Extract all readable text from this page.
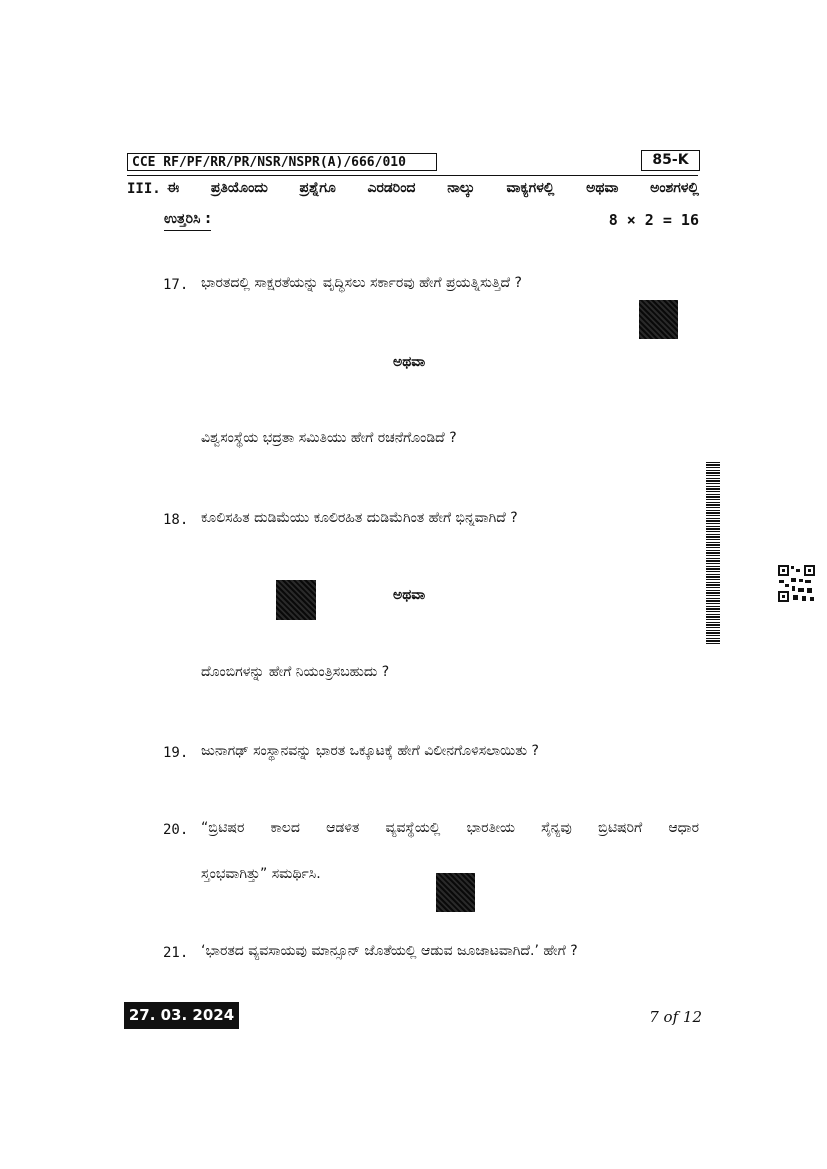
CCE RF/PF/RR/PR/NSR/NSPR(A)/666/010	85-K
III. ಈ ಪ್ರತಿಯೊಂದು ಪ್ರಶ್ನೆಗೂ ಎರಡರಿಂದ ನಾಲ್ಕು ವಾಕ್ಯಗಳಲ್ಲಿ ಅಥವಾ ಅಂಶಗಳಲ್ಲಿ
ಉತ್ತರಿಸಿ :	8 × 2 = 16
17. ಭಾರತದಲ್ಲಿ ಸಾಕ್ಷರತೆಯನ್ನು ವೃದ್ಧಿಸಲು ಸರ್ಕಾರವು ಹೇಗೆ ಪ್ರಯತ್ನಿಸುತ್ತಿದೆ ?
ಅಥವಾ
ವಿಶ್ವಸಂಸ್ಥೆಯ ಭದ್ರತಾ ಸಮಿತಿಯು ಹೇಗೆ ರಚನೆಗೊಂಡಿದೆ ?
18. ಕೂಲಿಸಹಿತ ದುಡಿಮೆಯು ಕೂಲಿರಹಿತ ದುಡಿಮೆಗಿಂತ ಹೇಗೆ ಭಿನ್ನವಾಗಿದೆ ?
ಅಥವಾ
ದೊಂಬಿಗಳನ್ನು ಹೇಗೆ ನಿಯಂತ್ರಿಸಬಹುದು ?
19. ಜುನಾಗಢ್ ಸಂಸ್ಥಾನವನ್ನು ಭಾರತ ಒಕ್ಕೂಟಕ್ಕೆ ಹೇಗೆ ವಿಲೀನಗೊಳಿಸಲಾಯಿತು ?
20. “ಬ್ರಿಟಿಷರ ಕಾಲದ ಆಡಳಿತ ವ್ಯವಸ್ಥೆಯಲ್ಲಿ ಭಾರತೀಯ ಸೈನ್ಯವು ಬ್ರಿಟಿಷರಿಗೆ ಆಧಾರ
ಸ್ತಂಭವಾಗಿತ್ತು” ಸಮರ್ಥಿಸಿ.
21. ‘ಭಾರತದ ವ್ಯವಸಾಯವು ಮಾನ್ಸೂನ್ ಜೊತೆಯಲ್ಲಿ ಆಡುವ ಜೂಜಾಟವಾಗಿದೆ.’ ಹೇಗೆ ?
27. 03. 2024	7 of 12
